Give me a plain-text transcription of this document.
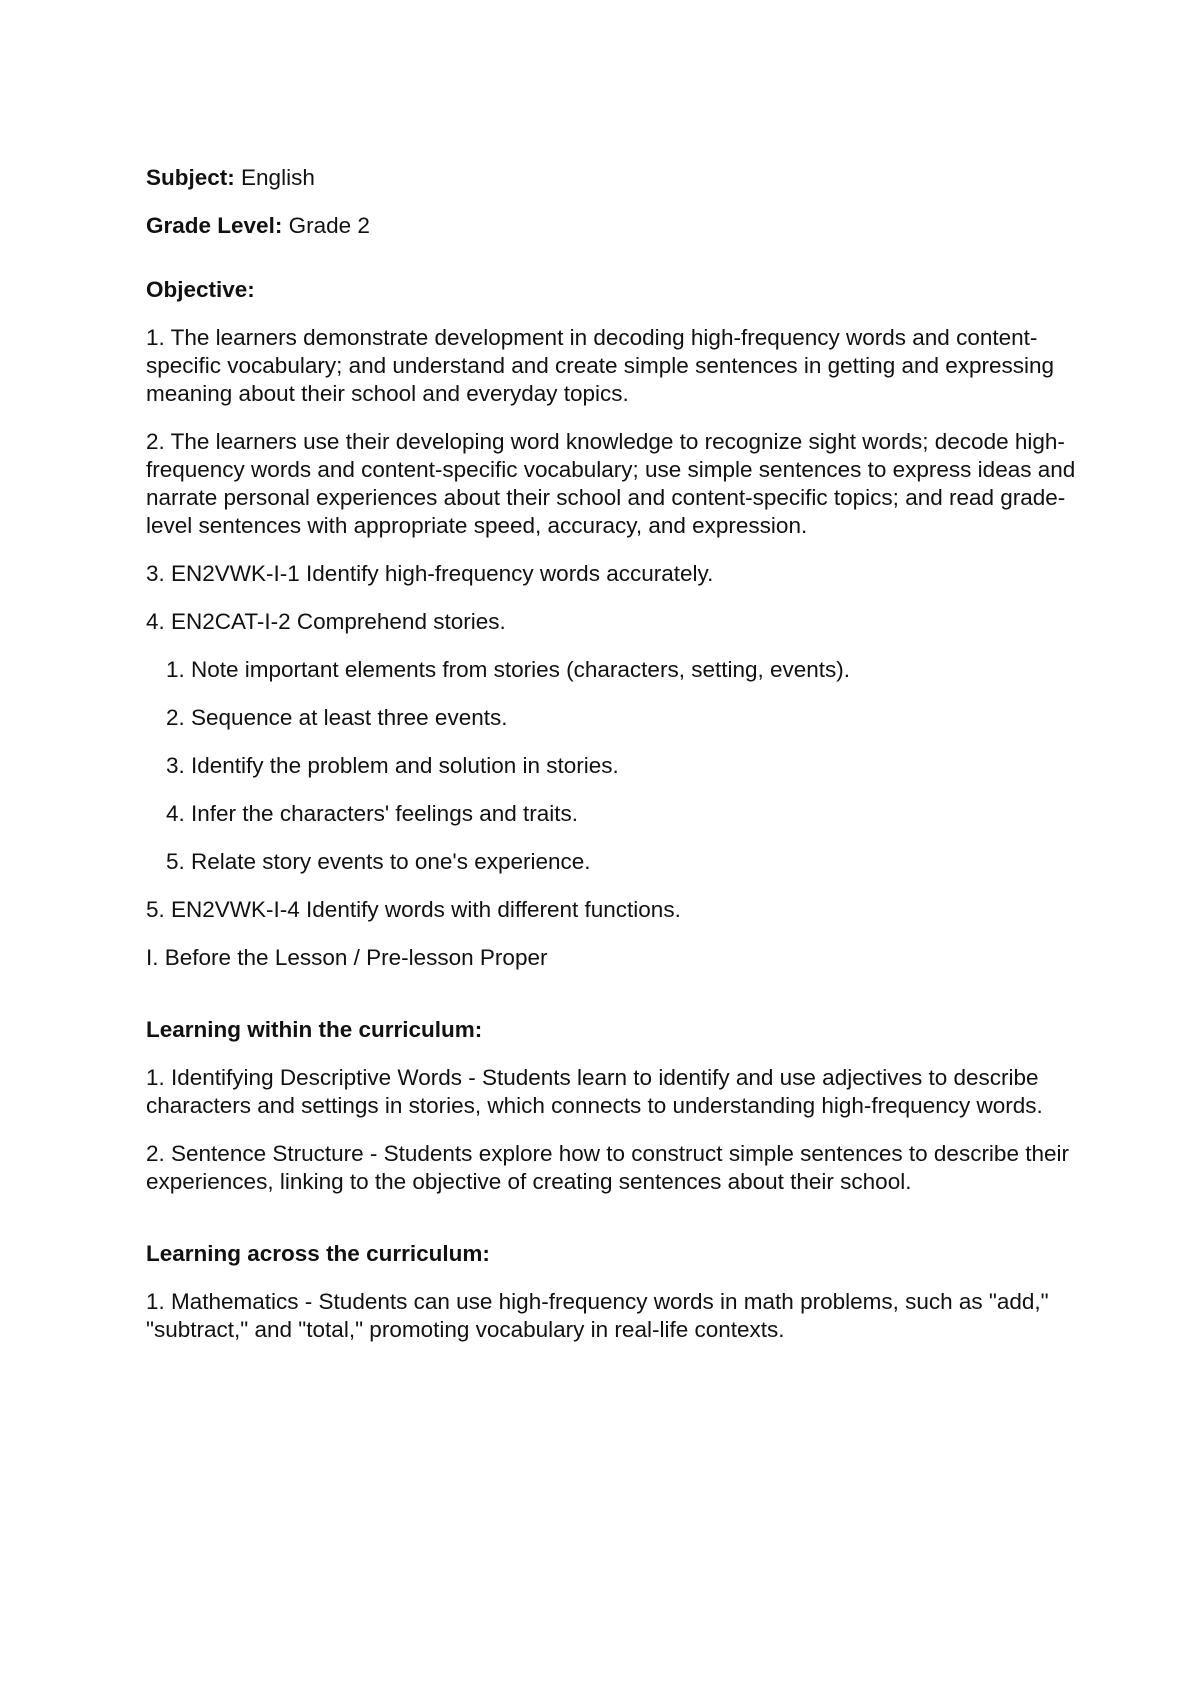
Subject: English
Grade Level: Grade 2
Objective:
1. The learners demonstrate development in decoding high-frequency words and content-specific vocabulary; and understand and create simple sentences in getting and expressing meaning about their school and everyday topics.
2. The learners use their developing word knowledge to recognize sight words; decode high-frequency words and content-specific vocabulary; use simple sentences to express ideas and narrate personal experiences about their school and content-specific topics; and read grade-level sentences with appropriate speed, accuracy, and expression.
3. EN2VWK-I-1 Identify high-frequency words accurately.
4. EN2CAT-I-2 Comprehend stories.
1. Note important elements from stories (characters, setting, events).
2. Sequence at least three events.
3. Identify the problem and solution in stories.
4. Infer the characters' feelings and traits.
5. Relate story events to one's experience.
5. EN2VWK-I-4 Identify words with different functions.
I. Before the Lesson / Pre-lesson Proper
Learning within the curriculum:
1. Identifying Descriptive Words - Students learn to identify and use adjectives to describe characters and settings in stories, which connects to understanding high-frequency words.
2. Sentence Structure - Students explore how to construct simple sentences to describe their experiences, linking to the objective of creating sentences about their school.
Learning across the curriculum:
1. Mathematics - Students can use high-frequency words in math problems, such as "add," "subtract," and "total," promoting vocabulary in real-life contexts.
